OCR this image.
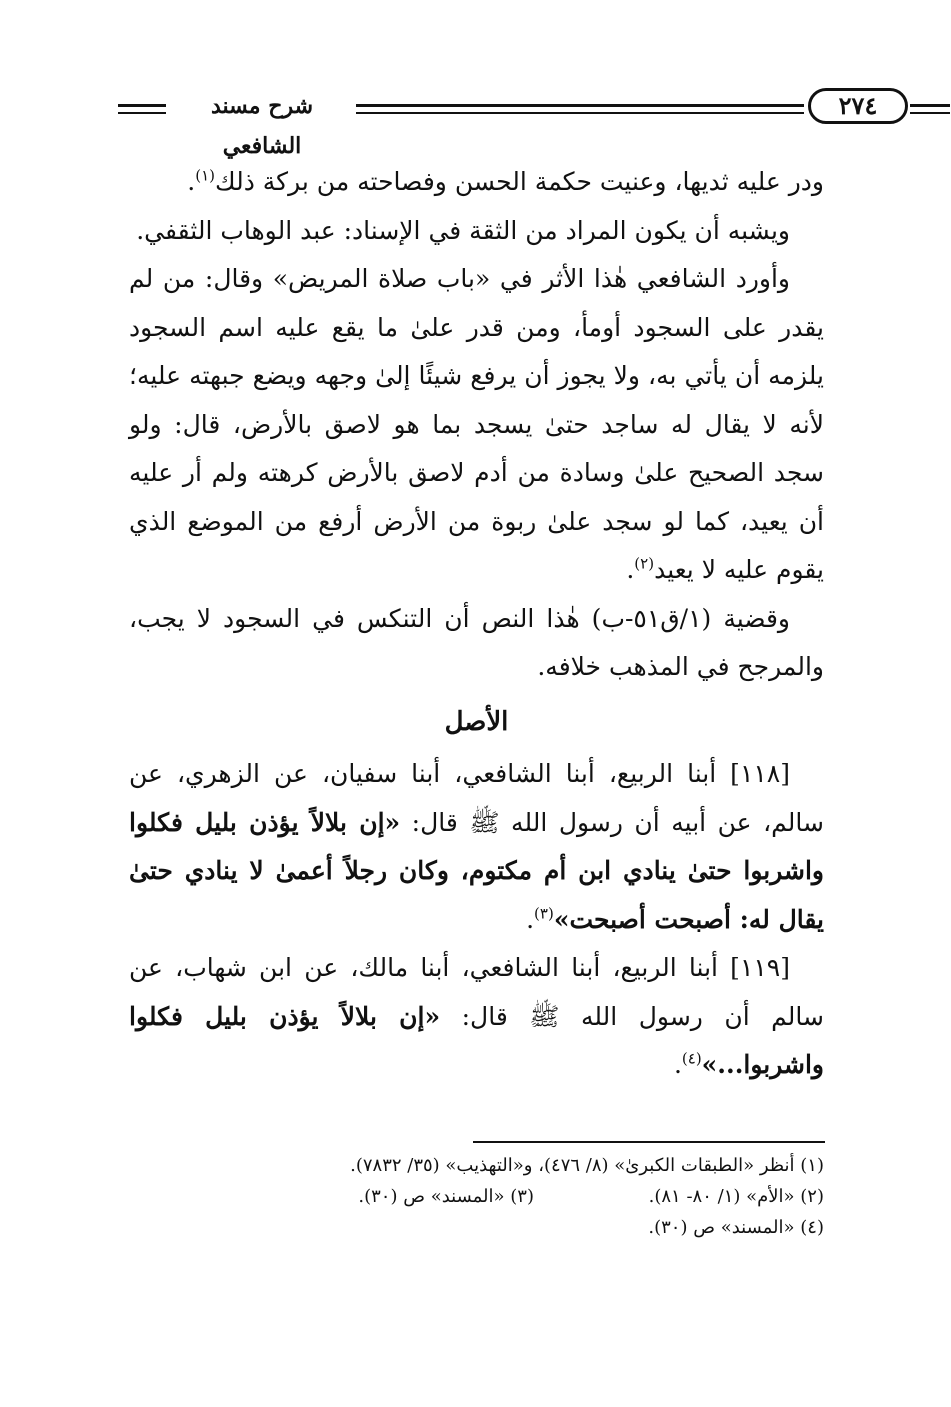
شرح مسند الشافعي
٢٧٤

ودر عليه ثديها، وعنيت حكمة الحسن وفصاحته من بركة ذلك$^{(١)}$.

ويشبه أن يكون المراد من الثقة في الإسناد: عبد الوهاب الثقفي.

وأورد الشافعي هٰذا الأثر في «باب صلاة المريض» وقال: من لم يقدر على السجود أومأ، ومن قدر علىٰ ما يقع عليه اسم السجود يلزمه أن يأتي به، ولا يجوز أن يرفع شيئًا إلىٰ وجهه ويضع جبهته عليه؛ لأنه لا يقال له ساجد حتىٰ يسجد بما هو لاصق بالأرض، قال: ولو سجد الصحيح علىٰ وسادة من أدم لاصق بالأرض كرهته ولم أر عليه أن يعيد، كما لو سجد علىٰ ربوة من الأرض أرفع من الموضع الذي يقوم عليه لا يعيد$^{(٢)}$.

وقضية (١/ق٥١-ب) هٰذا النص أن التنكس في السجود لا يجب، والمرجح في المذهب خلافه.

الأصل

[١١٨] أبنا الربيع، أبنا الشافعي، أبنا سفيان، عن الزهري، عن سالم، عن أبيه أن رسول الله ﷺ قال: «إن بلالاً يؤذن بليل فكلوا واشربوا حتىٰ ينادي ابن أم مكتوم، وكان رجلاً أعمىٰ لا ينادي حتىٰ يقال له: أصبحت أصبحت»$^{(٣)}$.

[١١٩] أبنا الربيع، أبنا الشافعي، أبنا مالك، عن ابن شهاب، عن سالم أن رسول الله ﷺ قال: «إن بلالاً يؤذن بليل فكلوا واشربوا...»$^{(٤)}$.

(١) أنظر «الطبقات الكبرىٰ» (٨/ ٤٧٦)، و«التهذيب» (٣٥/ ٧٨٣٢).
(٢) «الأم» (١/ ٨٠- ٨١).
(٣) «المسند» ص (٣٠).
(٤) «المسند» ص (٣٠).
